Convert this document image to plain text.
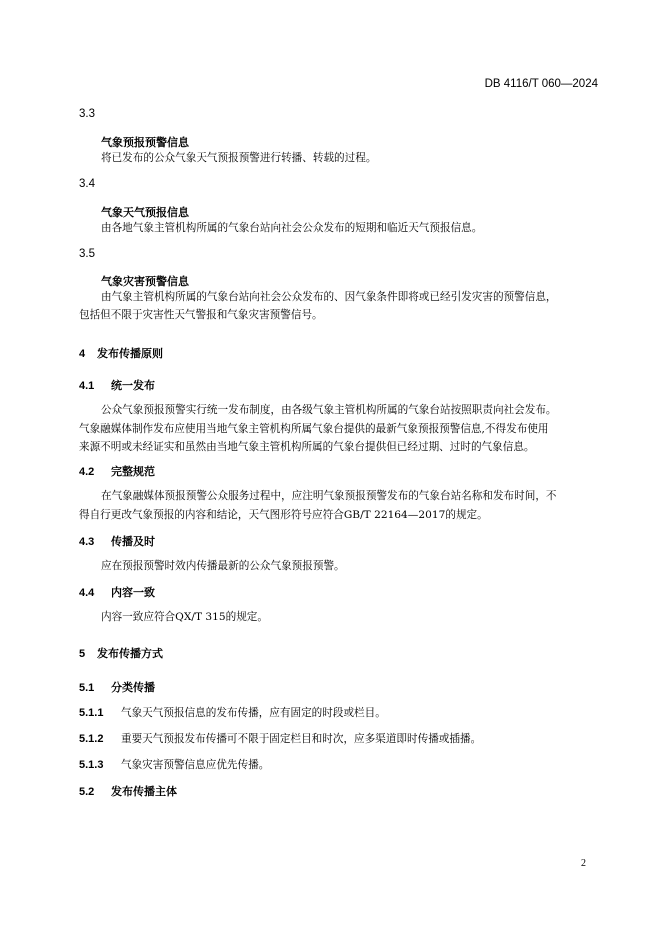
DB 4116/T 060—2024
3.3
气象预报预警信息
将已发布的公众气象天气预报预警进行转播、转载的过程。
3.4
气象天气预报信息
由各地气象主管机构所属的气象台站向社会公众发布的短期和临近天气预报信息。
3.5
气象灾害预警信息
由气象主管机构所属的气象台站向社会公众发布的、因气象条件即将或已经引发灾害的预警信息，
包括但不限于灾害性天气警报和气象灾害预警信号。
4 发布传播原则
4.1 统一发布
公众气象预报预警实行统一发布制度，由各级气象主管机构所属的气象台站按照职责向社会发布。
气象融媒体制作发布应使用当地气象主管机构所属气象台提供的最新气象预报预警信息,不得发布使用
来源不明或未经证实和虽然由当地气象主管机构所属的气象台提供但已经过期、过时的气象信息。
4.2 完整规范
在气象融媒体预报预警公众服务过程中，应注明气象预报预警发布的气象台站名称和发布时间，不
得自行更改气象预报的内容和结论，天气图形符号应符合GB/T 22164—2017的规定。
4.3 传播及时
应在预报预警时效内传播最新的公众气象预报预警。
4.4 内容一致
内容一致应符合QX/T 315的规定。
5 发布传播方式
5.1 分类传播
5.1.1 气象天气预报信息的发布传播，应有固定的时段或栏目。
5.1.2 重要天气预报发布传播可不限于固定栏目和时次，应多渠道即时传播或插播。
5.1.3 气象灾害预警信息应优先传播。
5.2 发布传播主体
2
